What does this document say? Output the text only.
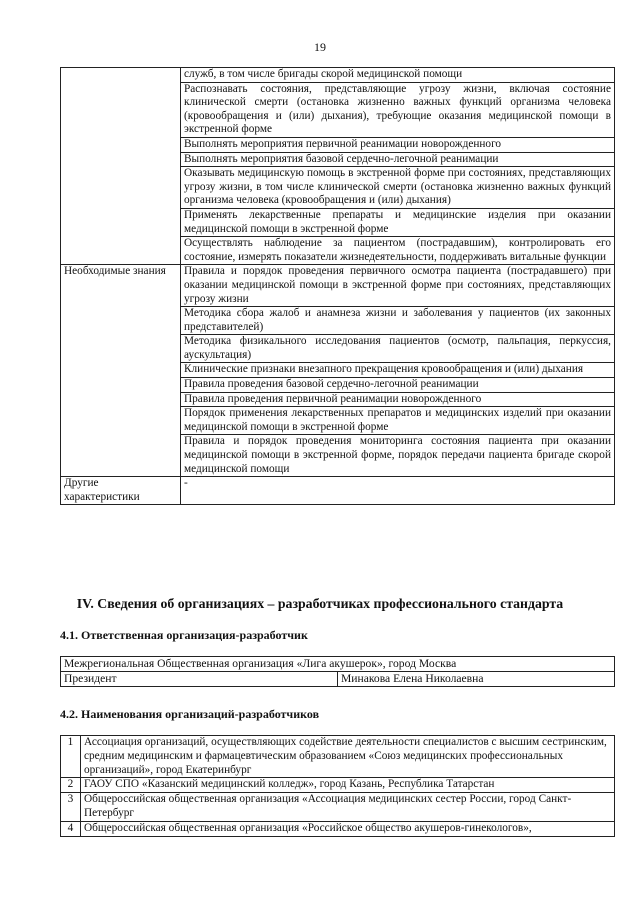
19
	служб, в том числе бригады скорой медицинской помощи
	Распознавать состояния, представляющие угрозу жизни, включая состояние клинической смерти (остановка жизненно важных функций организма человека (кровообращения и (или) дыхания), требующие оказания медицинской помощи в экстренной форме
	Выполнять мероприятия первичной реанимации новорожденного
	Выполнять мероприятия базовой сердечно-легочной реанимации
	Оказывать медицинскую помощь в экстренной форме при состояниях, представляющих угрозу жизни, в том числе клинической смерти (остановка жизненно важных функций организма человека (кровообращения и (или) дыхания)
	Применять лекарственные препараты и медицинские изделия при оказании медицинской помощи в экстренной форме
	Осуществлять наблюдение за пациентом (пострадавшим), контролировать его состояние, измерять показатели жизнедеятельности, поддерживать витальные функции
Необходимые знания	Правила и порядок проведения первичного осмотра пациента (пострадавшего) при оказании медицинской помощи в экстренной форме при состояниях, представляющих угрозу жизни
	Методика сбора жалоб и анамнеза жизни и заболевания у пациентов (их законных представителей)
	Методика физикального исследования пациентов (осмотр, пальпация, перкуссия, аускультация)
	Клинические признаки внезапного прекращения кровообращения и (или) дыхания
	Правила проведения базовой сердечно-легочной реанимации
	Правила проведения первичной реанимации новорожденного
	Порядок применения лекарственных препаратов и медицинских изделий при оказании медицинской помощи в экстренной форме
	Правила и порядок проведения мониторинга состояния пациента при оказании медицинской помощи в экстренной форме, порядок передачи пациента бригаде скорой медицинской помощи
Другие характеристики	-
IV. Сведения об организациях – разработчиках профессионального стандарта
4.1. Ответственная организация-разработчик
Межрегиональная Общественная организация «Лига акушерок», город Москва
Президент	Минакова Елена Николаевна
4.2. Наименования организаций-разработчиков
1	Ассоциация организаций, осуществляющих содействие деятельности специалистов с высшим сестринским, средним медицинским и фармацевтическим образованием «Союз медицинских профессиональных организаций», город Екатеринбург
2	ГАОУ СПО «Казанский медицинский колледж», город Казань, Республика Татарстан
3	Общероссийская общественная организация «Ассоциация медицинских сестер России, город Санкт-Петербург
4	Общероссийская общественная организация «Российское общество акушеров-гинекологов»,
